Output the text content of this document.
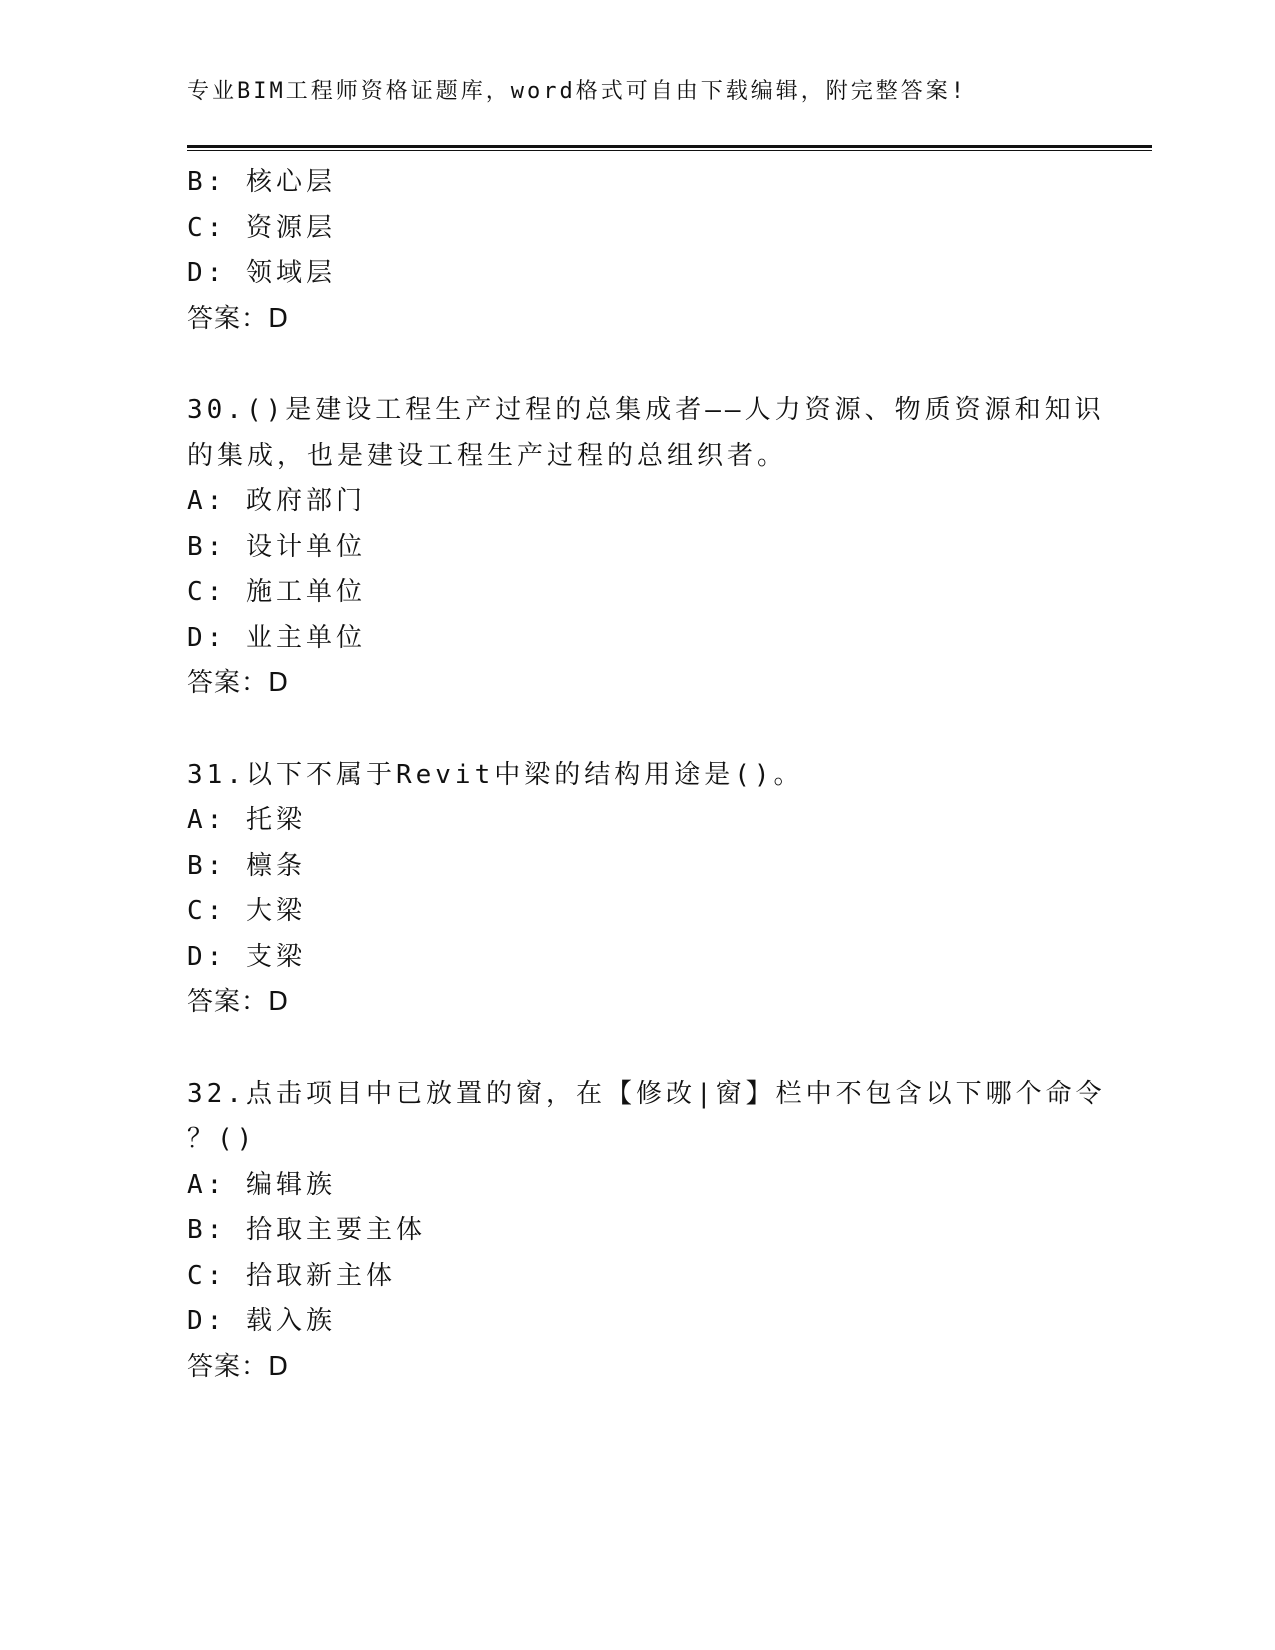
专业BIM工程师资格证题库，word格式可自由下载编辑，附完整答案!
B: 核心层
C: 资源层
D: 领域层
答案：D
30.()是建设工程生产过程的总集成者——人力资源、物质资源和知识
的集成，也是建设工程生产过程的总组织者。
A: 政府部门
B: 设计单位
C: 施工单位
D: 业主单位
答案：D
31.以下不属于Revit中梁的结构用途是()。
A: 托梁
B: 檩条
C: 大梁
D: 支梁
答案：D
32.点击项目中已放置的窗，在【修改|窗】栏中不包含以下哪个命令
？()
A: 编辑族
B: 拾取主要主体
C: 拾取新主体
D: 载入族
答案：D
